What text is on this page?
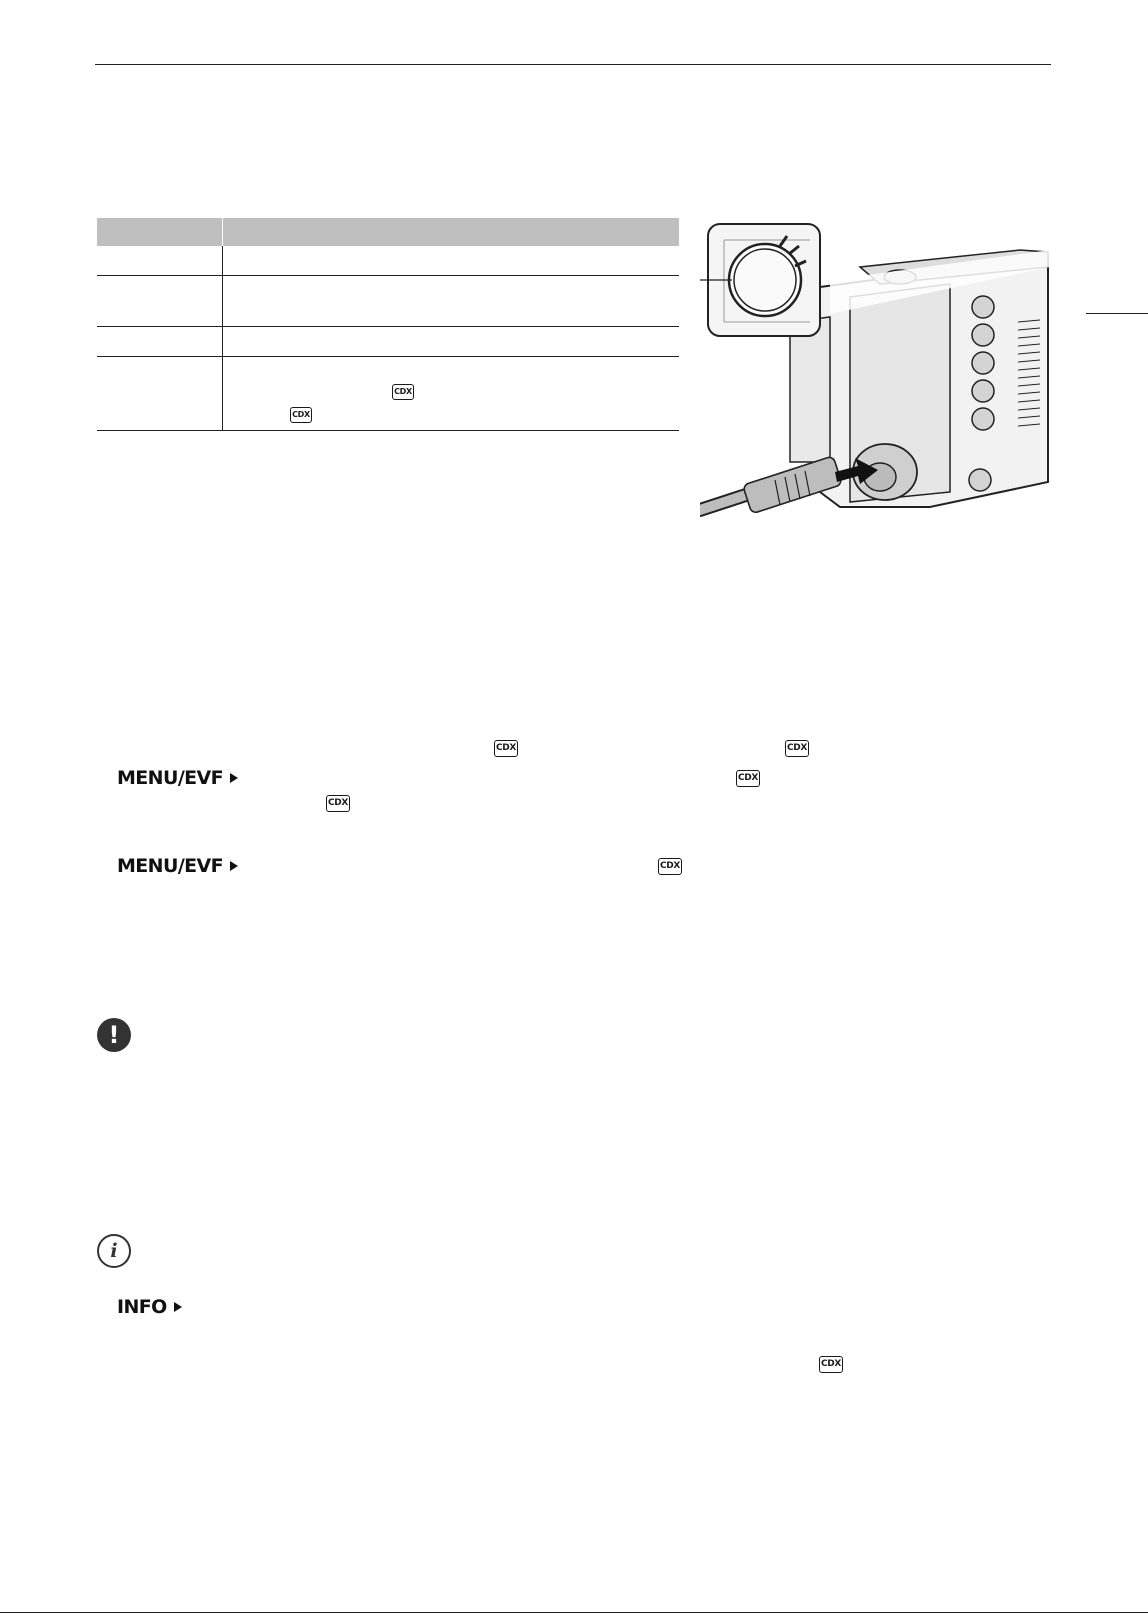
CDX
CDX
CDX	CDX
MENU/EVF	CDX
CDX
MENU/EVF	CDX
!
i
INFO
CDX
